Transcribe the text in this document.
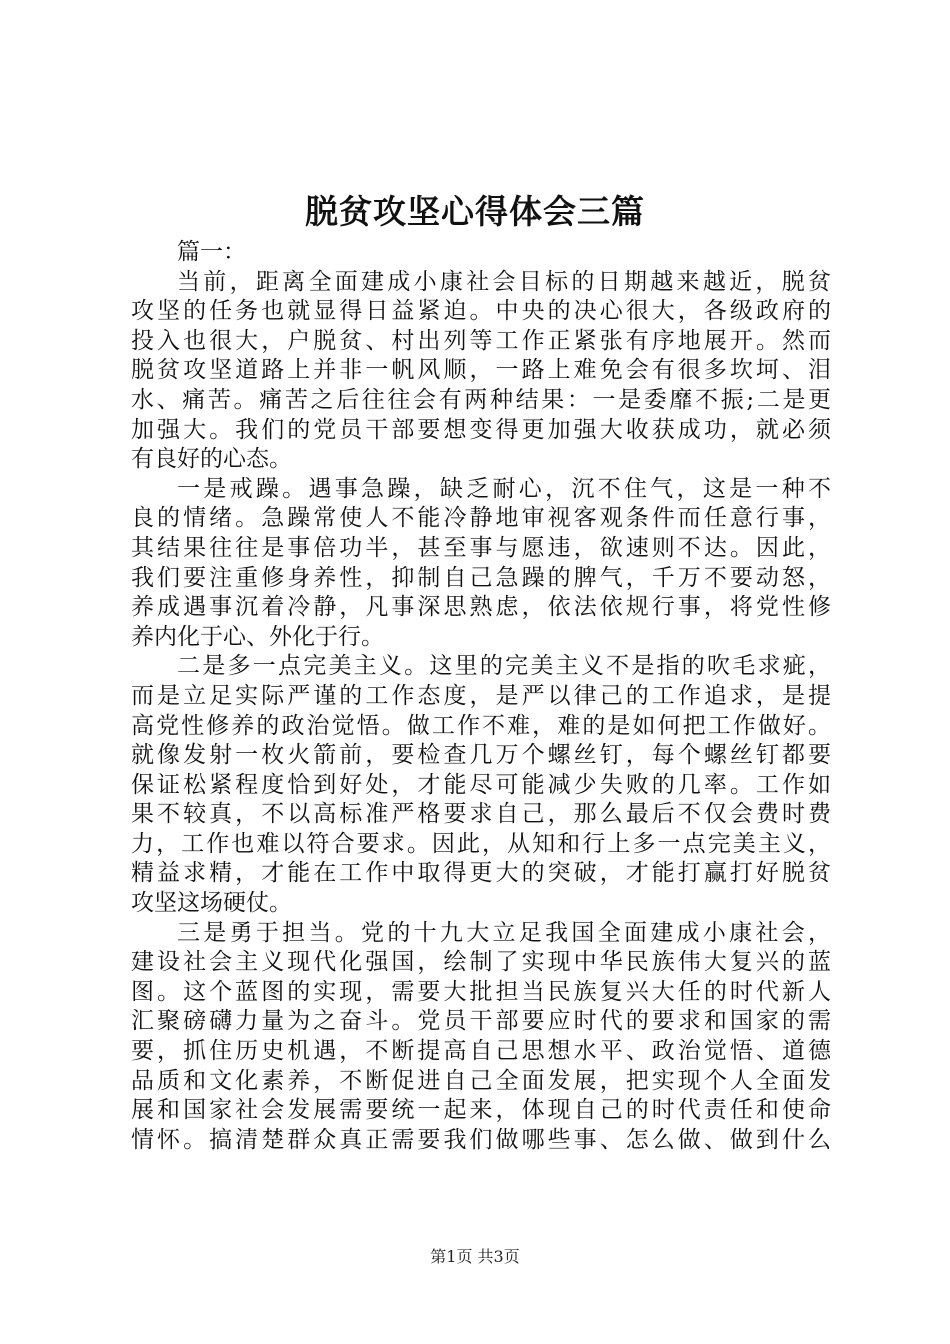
脱贫攻坚心得体会三篇
篇一：
当前，距离全面建成小康社会目标的日期越来越近，脱贫
攻坚的任务也就显得日益紧迫。中央的决心很大，各级政府的
投入也很大，户脱贫、村出列等工作正紧张有序地展开。然而
脱贫攻坚道路上并非一帆风顺，一路上难免会有很多坎坷、泪
水、痛苦。痛苦之后往往会有两种结果：一是委靡不振;二是更
加强大。我们的党员干部要想变得更加强大收获成功，就必须
有良好的心态。
一是戒躁。遇事急躁，缺乏耐心，沉不住气，这是一种不
良的情绪。急躁常使人不能冷静地审视客观条件而任意行事，
其结果往往是事倍功半，甚至事与愿违，欲速则不达。因此，
我们要注重修身养性，抑制自己急躁的脾气，千万不要动怒，
养成遇事沉着冷静，凡事深思熟虑，依法依规行事，将党性修
养内化于心、外化于行。
二是多一点完美主义。这里的完美主义不是指的吹毛求疵，
而是立足实际严谨的工作态度，是严以律己的工作追求，是提
高党性修养的政治觉悟。做工作不难，难的是如何把工作做好。
就像发射一枚火箭前，要检查几万个螺丝钉，每个螺丝钉都要
保证松紧程度恰到好处，才能尽可能减少失败的几率。工作如
果不较真，不以高标准严格要求自己，那么最后不仅会费时费
力，工作也难以符合要求。因此，从知和行上多一点完美主义，
精益求精，才能在工作中取得更大的突破，才能打赢打好脱贫
攻坚这场硬仗。
三是勇于担当。党的十九大立足我国全面建成小康社会，
建设社会主义现代化强国，绘制了实现中华民族伟大复兴的蓝
图。这个蓝图的实现，需要大批担当民族复兴大任的时代新人
汇聚磅礴力量为之奋斗。党员干部要应时代的要求和国家的需
要，抓住历史机遇，不断提高自己思想水平、政治觉悟、道德
品质和文化素养，不断促进自己全面发展，把实现个人全面发
展和国家社会发展需要统一起来，体现自己的时代责任和使命
情怀。搞清楚群众真正需要我们做哪些事、怎么做、做到什么
第1页 共3页
